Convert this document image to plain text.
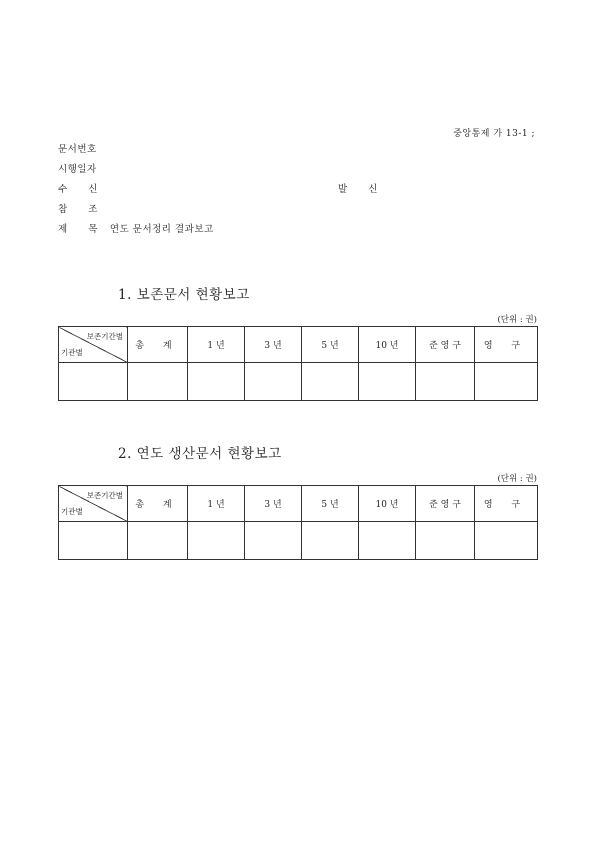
중앙통제 가 13-1 ;
문서번호
시행일자
수 신	발 신
참 조
제 목 연도 문서정리 결과보고
1. 보존문서 현황보고
(단위 : 권)
보존기간별
기관별	총 계	1 년	3 년	5 년	10 년	준 영 구	영 구

2. 연도 생산문서 현황보고
(단위 : 권)
보존기간별
기관별	총 계	1 년	3 년	5 년	10 년	준 영 구	영 구
